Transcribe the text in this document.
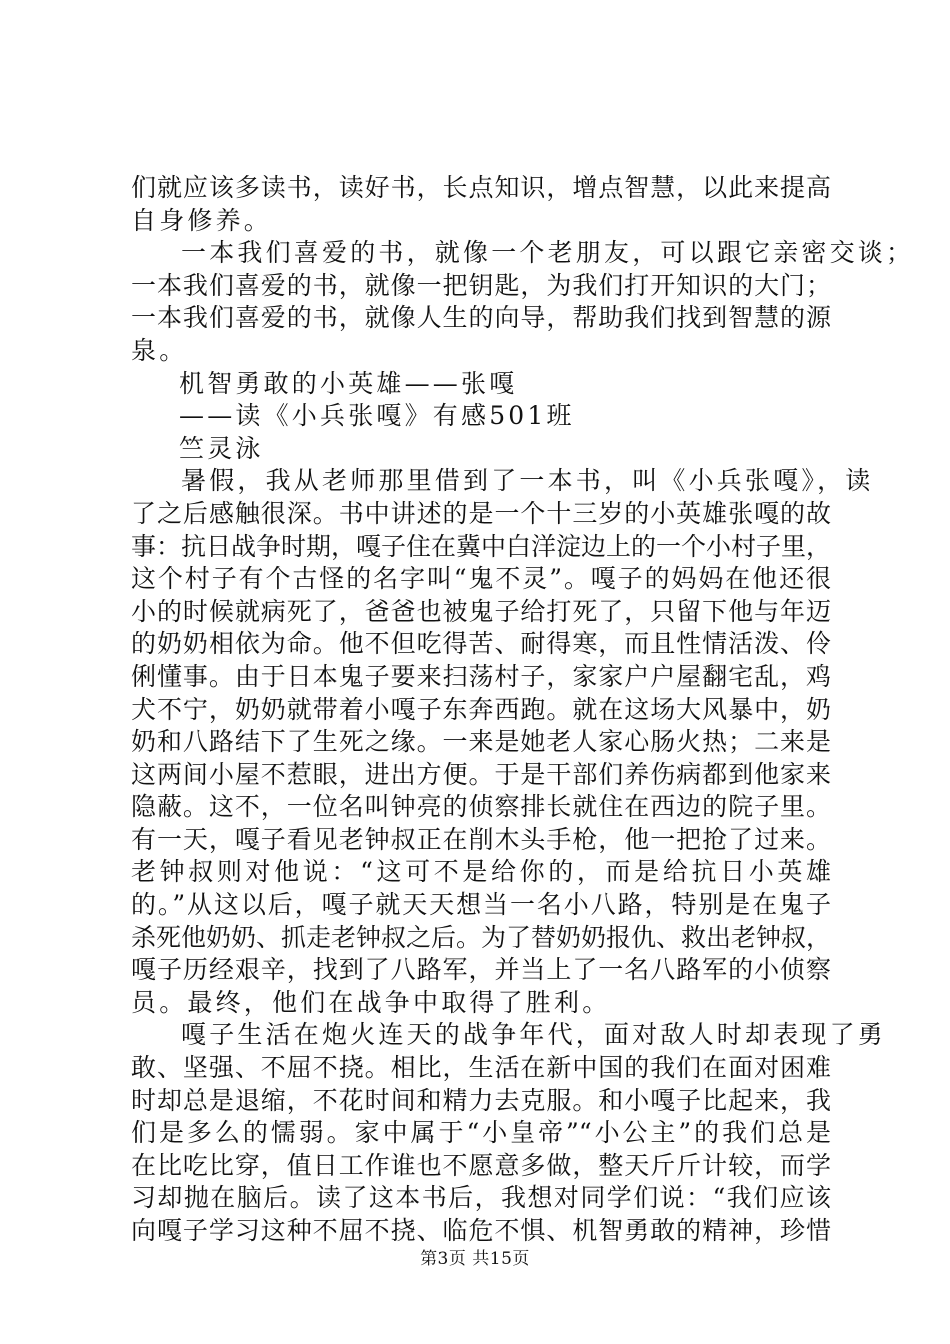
们就应该多读书，读好书，长点知识，增点智慧，以此来提高
自身修养。
一本我们喜爱的书，就像一个老朋友，可以跟它亲密交谈；
一本我们喜爱的书，就像一把钥匙，为我们打开知识的大门；
一本我们喜爱的书，就像人生的向导，帮助我们找到智慧的源
泉。
机智勇敢的小英雄——张嘎
——读《小兵张嘎》有感501班
竺灵泳
暑假，我从老师那里借到了一本书，叫《小兵张嘎》，读
了之后感触很深。书中讲述的是一个十三岁的小英雄张嘎的故
事：抗日战争时期，嘎子住在冀中白洋淀边上的一个小村子里，
这个村子有个古怪的名字叫“鬼不灵”。嘎子的妈妈在他还很
小的时候就病死了，爸爸也被鬼子给打死了，只留下他与年迈
的奶奶相依为命。他不但吃得苦、耐得寒，而且性情活泼、伶
俐懂事。由于日本鬼子要来扫荡村子，家家户户屋翻宅乱，鸡
犬不宁，奶奶就带着小嘎子东奔西跑。就在这场大风暴中，奶
奶和八路结下了生死之缘。一来是她老人家心肠火热；二来是
这两间小屋不惹眼，进出方便。于是干部们养伤病都到他家来
隐蔽。这不，一位名叫钟亮的侦察排长就住在西边的院子里。
有一天，嘎子看见老钟叔正在削木头手枪，他一把抢了过来。
老钟叔则对他说：“这可不是给你的，而是给抗日小英雄
的。”从这以后，嘎子就天天想当一名小八路，特别是在鬼子
杀死他奶奶、抓走老钟叔之后。为了替奶奶报仇、救出老钟叔，
嘎子历经艰辛，找到了八路军，并当上了一名八路军的小侦察
员。最终，他们在战争中取得了胜利。
嘎子生活在炮火连天的战争年代，面对敌人时却表现了勇
敢、坚强、不屈不挠。相比，生活在新中国的我们在面对困难
时却总是退缩，不花时间和精力去克服。和小嘎子比起来，我
们是多么的懦弱。家中属于“小皇帝”“小公主”的我们总是
在比吃比穿，值日工作谁也不愿意多做，整天斤斤计较，而学
习却抛在脑后。读了这本书后，我想对同学们说：“我们应该
向嘎子学习这种不屈不挠、临危不惧、机智勇敢的精神，珍惜
第3页 共15页
